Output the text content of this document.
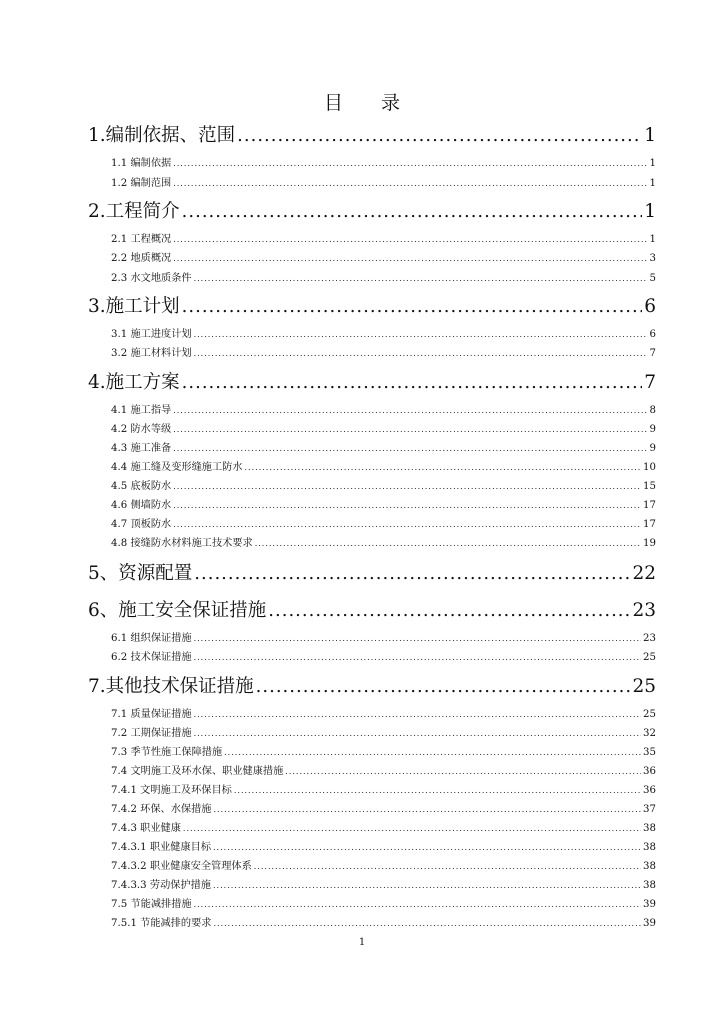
目 录
1.编制依据、范围 .....	1
1.1 编制依据 .....	1
1.2 编制范围 .....	1
2.工程简介 .....	1
2.1 工程概况 .....	1
2.2 地质概况 .....	3
2.3 水文地质条件 .....	5
3.施工计划 .....	6
3.1 施工进度计划 .....	6
3.2 施工材料计划 .....	7
4.施工方案 .....	7
4.1 施工指导 .....	8
4.2 防水等级 .....	9
4.3 施工准备 .....	9
4.4 施工缝及变形缝施工防水 .....	10
4.5 底板防水 .....	15
4.6 侧墙防水 .....	17
4.7 顶板防水 .....	17
4.8 接缝防水材料施工技术要求 .....	19
5、资源配置 .....	22
6、施工安全保证措施 .....	23
6.1 组织保证措施 .....	23
6.2 技术保证措施 .....	25
7.其他技术保证措施 .....	25
7.1 质量保证措施 .....	25
7.2 工期保证措施 .....	32
7.3 季节性施工保障措施 .....	35
7.4 文明施工及环水保、职业健康措施 .....	36
7.4.1 文明施工及环保目标 .....	36
7.4.2 环保、水保措施 .....	37
7.4.3 职业健康 .....	38
7.4.3.1 职业健康目标 .....	38
7.4.3.2 职业健康安全管理体系 .....	38
7.4.3.3 劳动保护措施 .....	38
7.5 节能减排措施 .....	39
7.5.1 节能减排的要求 .....	39
1
